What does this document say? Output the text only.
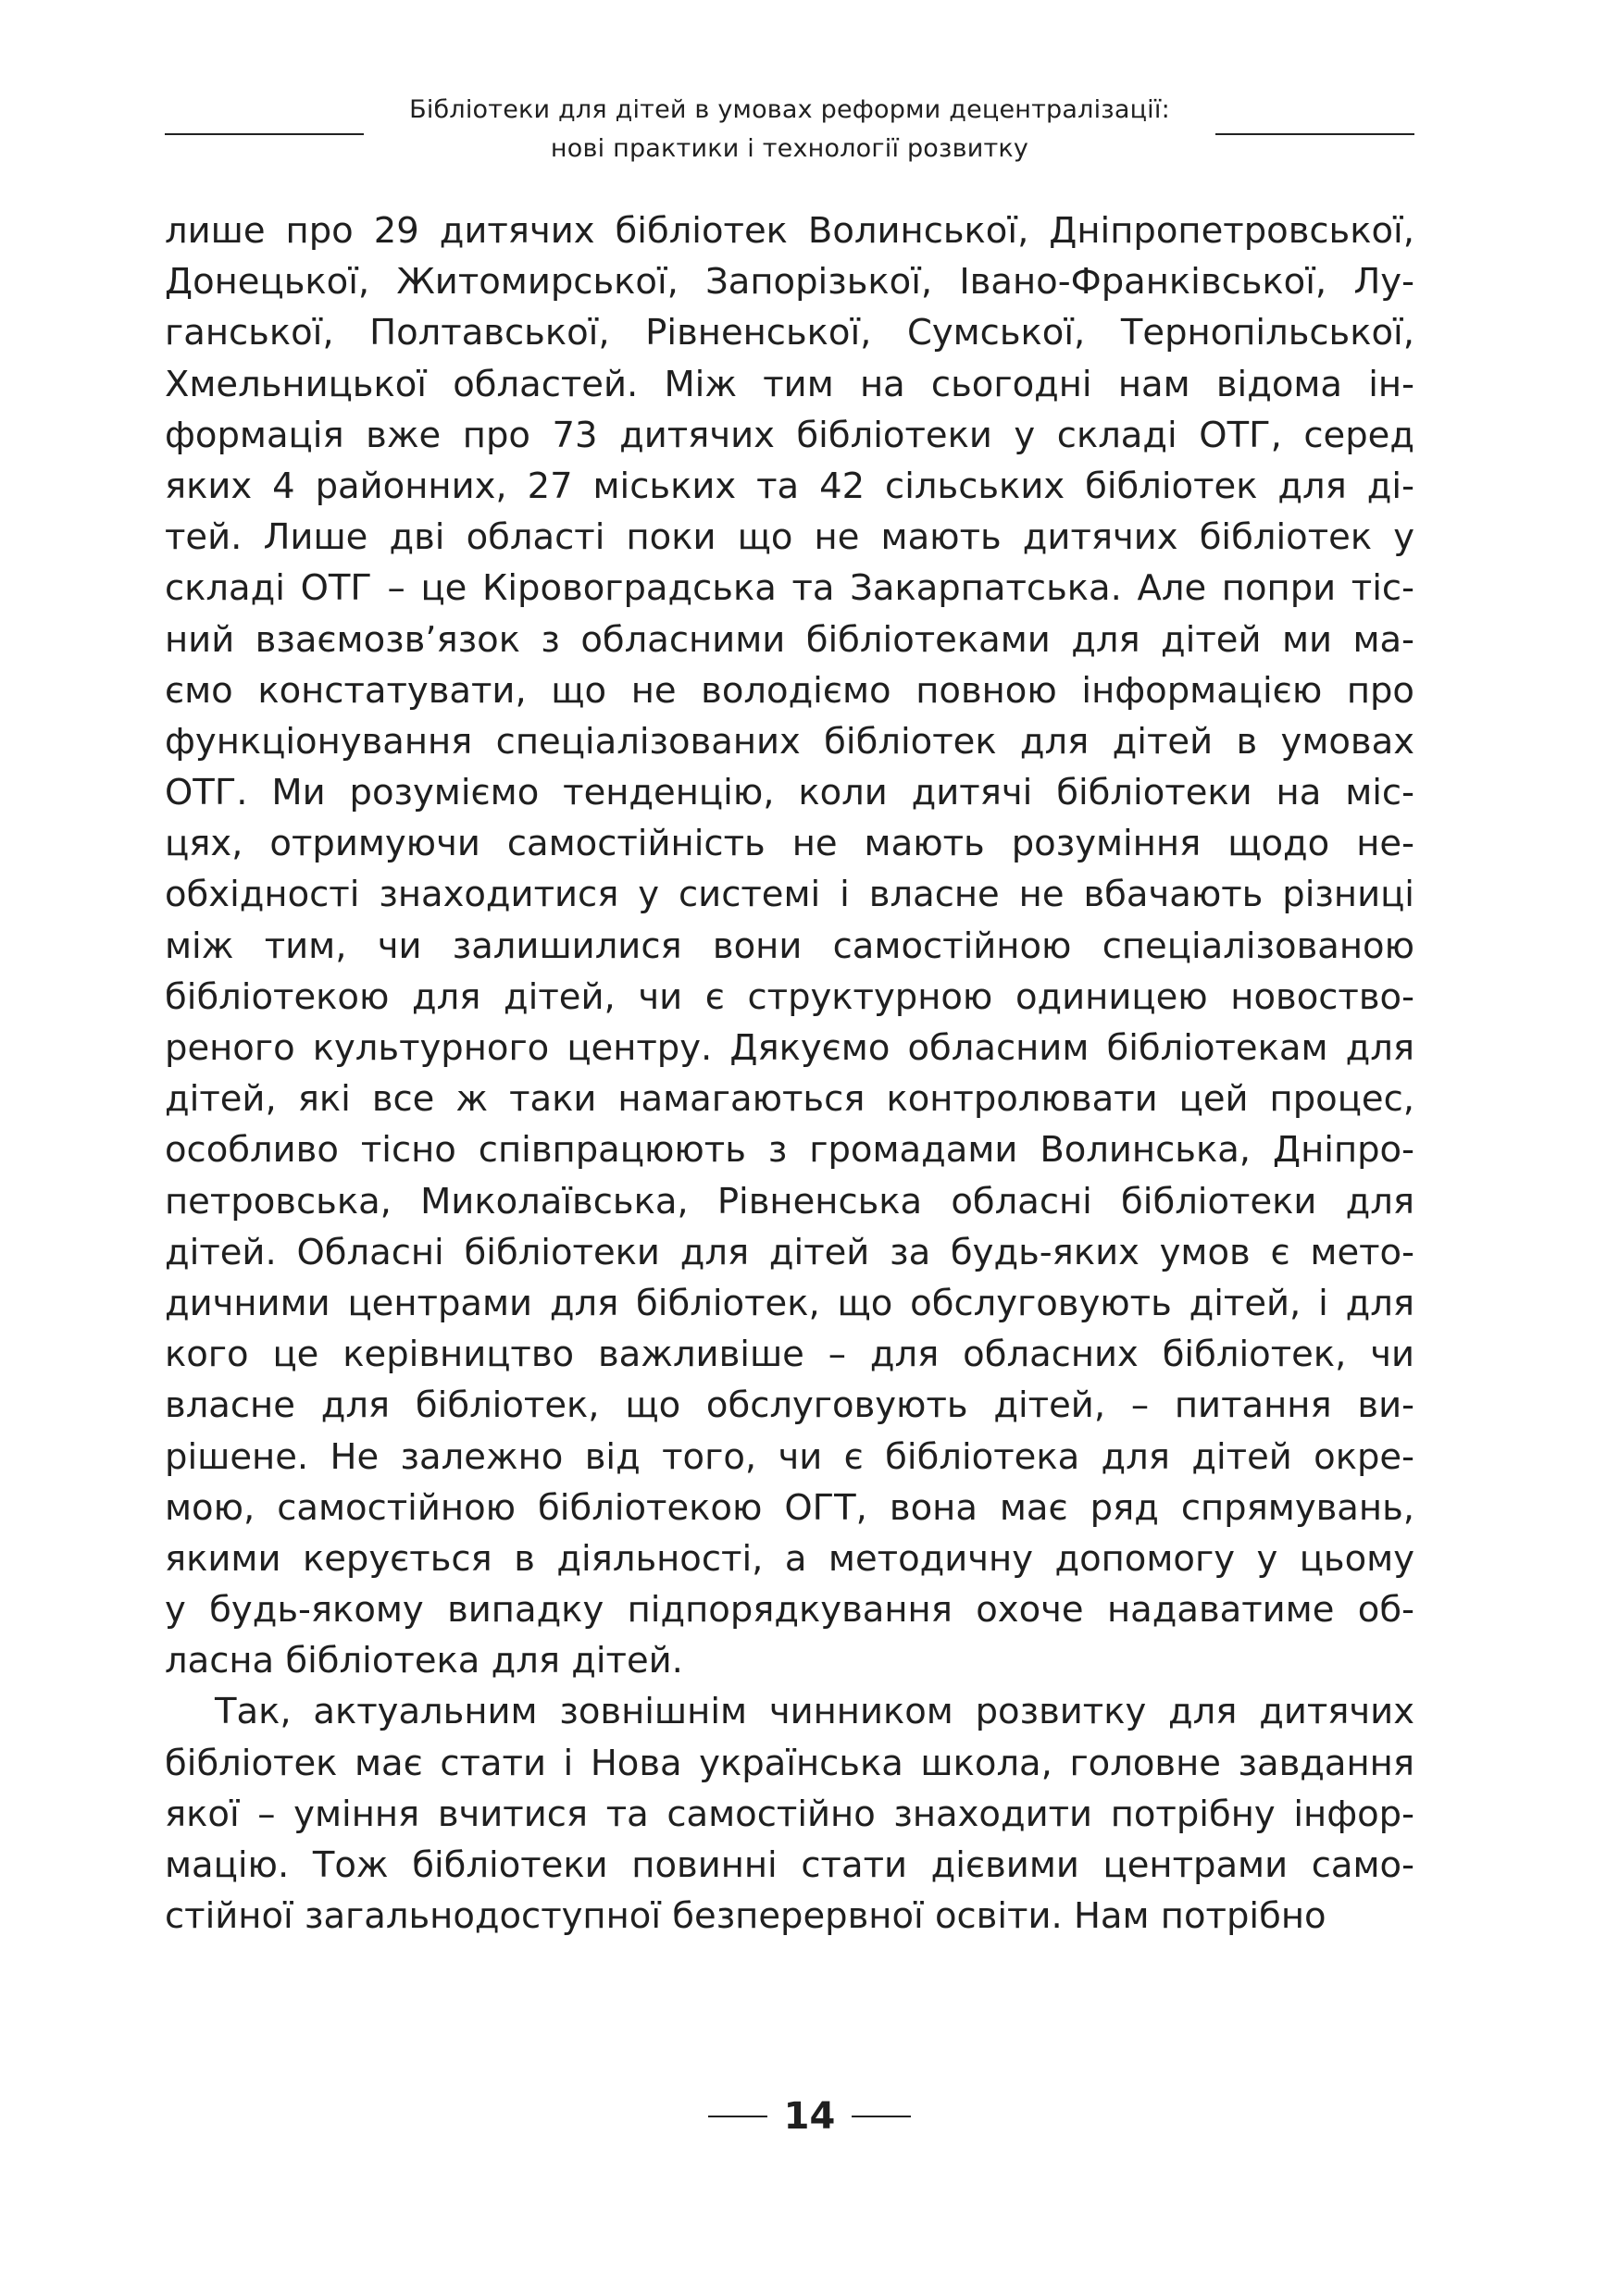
Бібліотеки для дітей в умовах реформи децентралізації:
нові практики і технології розвитку
лише про 29 дитячих бібліотек Волинської, Дніпропетровської,
Донецької, Житомирської, Запорізької, Івано-Франківської, Лу-
ганської, Полтавської, Рівненської, Сумської, Тернопільської,
Хмельницької областей. Між тим на сьогодні нам відома ін-
формація вже про 73 дитячих бібліотеки у складі ОТГ, серед
яких 4 районних, 27 міських та 42 сільських бібліотек для ді-
тей. Лише дві області поки що не мають дитячих бібліотек у
складі ОТГ – це Кіровоградська та Закарпатська. Але попри тіс-
ний взаємозв’язок з обласними бібліотеками для дітей ми ма-
ємо констатувати, що не володіємо повною інформацією про
функціонування спеціалізованих бібліотек для дітей в умовах
ОТГ. Ми розуміємо тенденцію, коли дитячі бібліотеки на міс-
цях, отримуючи самостійність не мають розуміння щодо не-
обхідності знаходитися у системі і власне не вбачають різниці
між тим, чи залишилися вони самостійною спеціалізованою
бібліотекою для дітей, чи є структурною одиницею новоство-
реного культурного центру. Дякуємо обласним бібліотекам для
дітей, які все ж таки намагаються контролювати цей процес,
особливо тісно співпрацюють з громадами Волинська, Дніпро-
петровська, Миколаївська, Рівненська обласні бібліотеки для
дітей. Обласні бібліотеки для дітей за будь-яких умов є мето-
дичними центрами для бібліотек, що обслуговують дітей, і для
кого це керівництво важливіше – для обласних бібліотек, чи
власне для бібліотек, що обслуговують дітей, – питання ви-
рішене. Не залежно від того, чи є бібліотека для дітей окре-
мою, самостійною бібліотекою ОГТ, вона має ряд спрямувань,
якими керується в діяльності, а методичну допомогу у цьому
у будь-якому випадку підпорядкування охоче надаватиме об-
ласна бібліотека для дітей.
Так, актуальним зовнішнім чинником розвитку для дитячих
бібліотек має стати і Нова українська школа, головне завдання
якої – уміння вчитися та самостійно знаходити потрібну інфор-
мацію. Тож бібліотеки повинні стати дієвими центрами само-
стійної загальнодоступної безперервної освіти. Нам потрібно
14
